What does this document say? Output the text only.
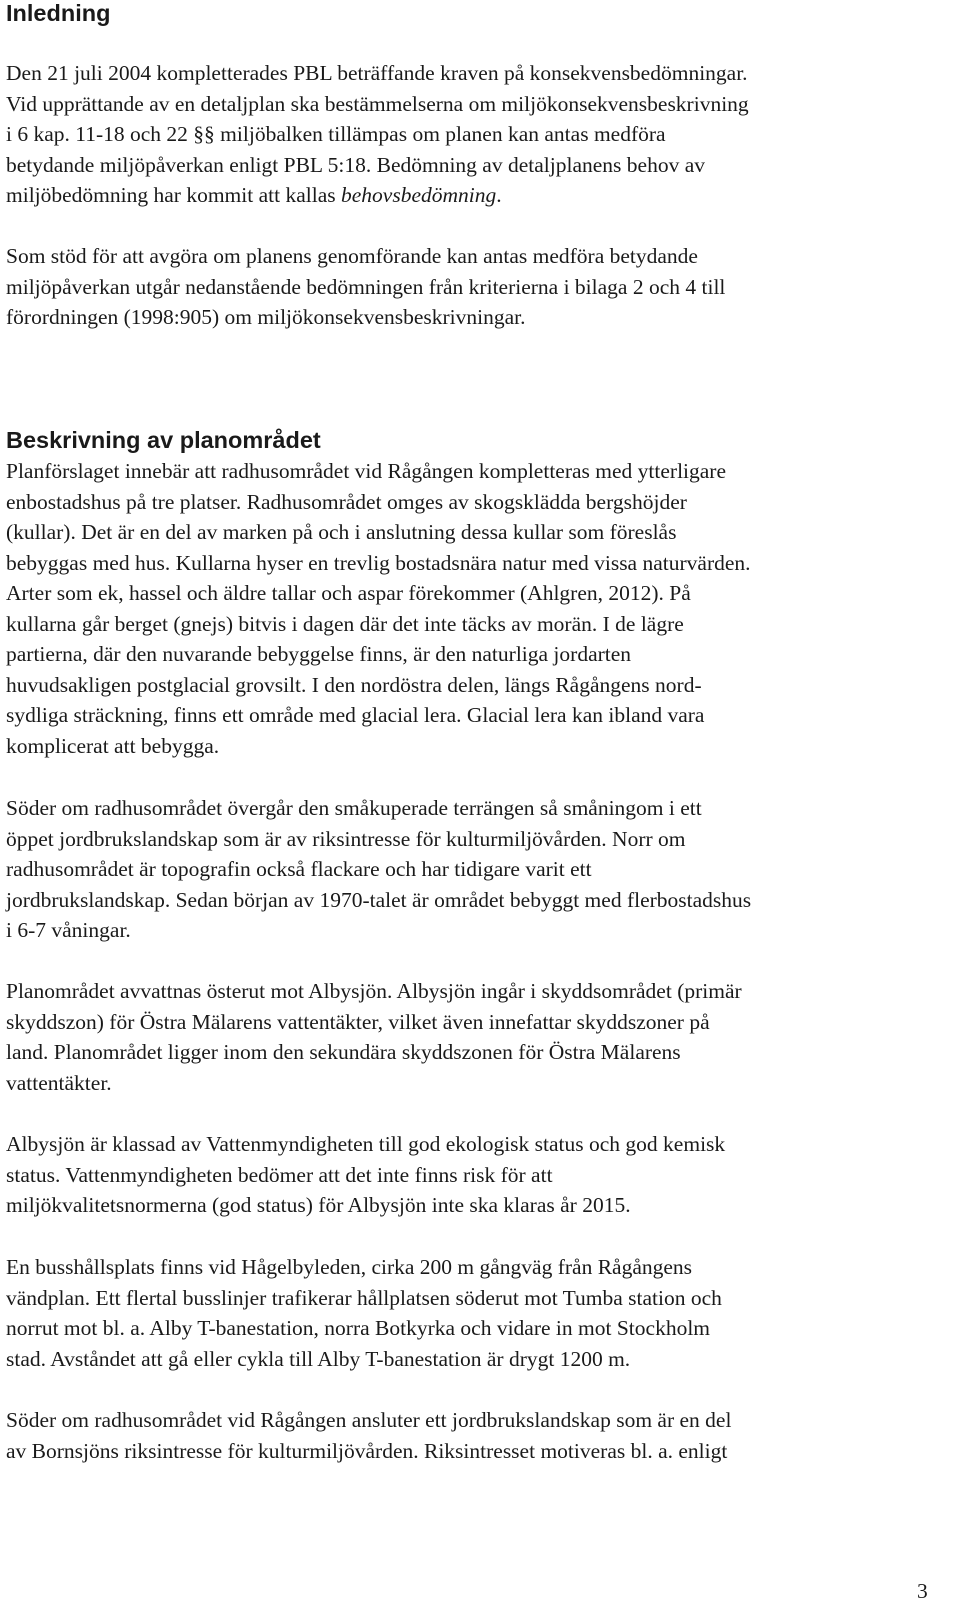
Inledning

Den 21 juli 2004 kompletterades PBL beträffande kraven på konsekvensbedömningar.
Vid upprättande av en detaljplan ska bestämmelserna om miljökonsekvensbeskrivning
i 6 kap. 11-18 och 22 §§ miljöbalken tillämpas om planen kan antas medföra
betydande miljöpåverkan enligt PBL 5:18. Bedömning av detaljplanens behov av
miljöbedömning har kommit att kallas behovsbedömning.

Som stöd för att avgöra om planens genomförande kan antas medföra betydande
miljöpåverkan utgår nedanstående bedömningen från kriterierna i bilaga 2 och 4 till
förordningen (1998:905) om miljökonsekvensbeskrivningar.

Beskrivning av planområdet

Planförslaget innebär att radhusområdet vid Rågången kompletteras med ytterligare
enbostadshus på tre platser. Radhusområdet omges av skogsklädda bergshöjder
(kullar). Det är en del av marken på och i anslutning dessa kullar som föreslås
bebyggas med hus. Kullarna hyser en trevlig bostadsnära natur med vissa naturvärden.
Arter som ek, hassel och äldre tallar och aspar förekommer (Ahlgren, 2012). På
kullarna går berget (gnejs) bitvis i dagen där det inte täcks av morän. I de lägre
partierna, där den nuvarande bebyggelse finns, är den naturliga jordarten
huvudsakligen postglacial grovsilt. I den nordöstra delen, längs Rågångens nord-
sydliga sträckning, finns ett område med glacial lera. Glacial lera kan ibland vara
komplicerat att bebygga.

Söder om radhusområdet övergår den småkuperade terrängen så småningom i ett
öppet jordbrukslandskap som är av riksintresse för kulturmiljövården. Norr om
radhusområdet är topografin också flackare och har tidigare varit ett
jordbrukslandskap. Sedan början av 1970-talet är området bebyggt med flerbostadshus
i 6-7 våningar.

Planområdet avvattnas österut mot Albysjön. Albysjön ingår i skyddsområdet (primär
skyddszon) för Östra Mälarens vattentäkter, vilket även innefattar skyddszoner på
land. Planområdet ligger inom den sekundära skyddszonen för Östra Mälarens
vattentäkter.

Albysjön är klassad av Vattenmyndigheten till god ekologisk status och god kemisk
status. Vattenmyndigheten bedömer att det inte finns risk för att
miljökvalitetsnormerna (god status) för Albysjön inte ska klaras år 2015.

En busshållsplats finns vid Hågelbyleden, cirka 200 m gångväg från Rågångens
vändplan. Ett flertal busslinjer trafikerar hållplatsen söderut mot Tumba station och
norrut mot bl. a. Alby T-banestation, norra Botkyrka och vidare in mot Stockholm
stad. Avståndet att gå eller cykla till Alby T-banestation är drygt 1200 m.

Söder om radhusområdet vid Rågången ansluter ett jordbrukslandskap som är en del
av Bornsjöns riksintresse för kulturmiljövården. Riksintresset motiveras bl. a. enligt

3
